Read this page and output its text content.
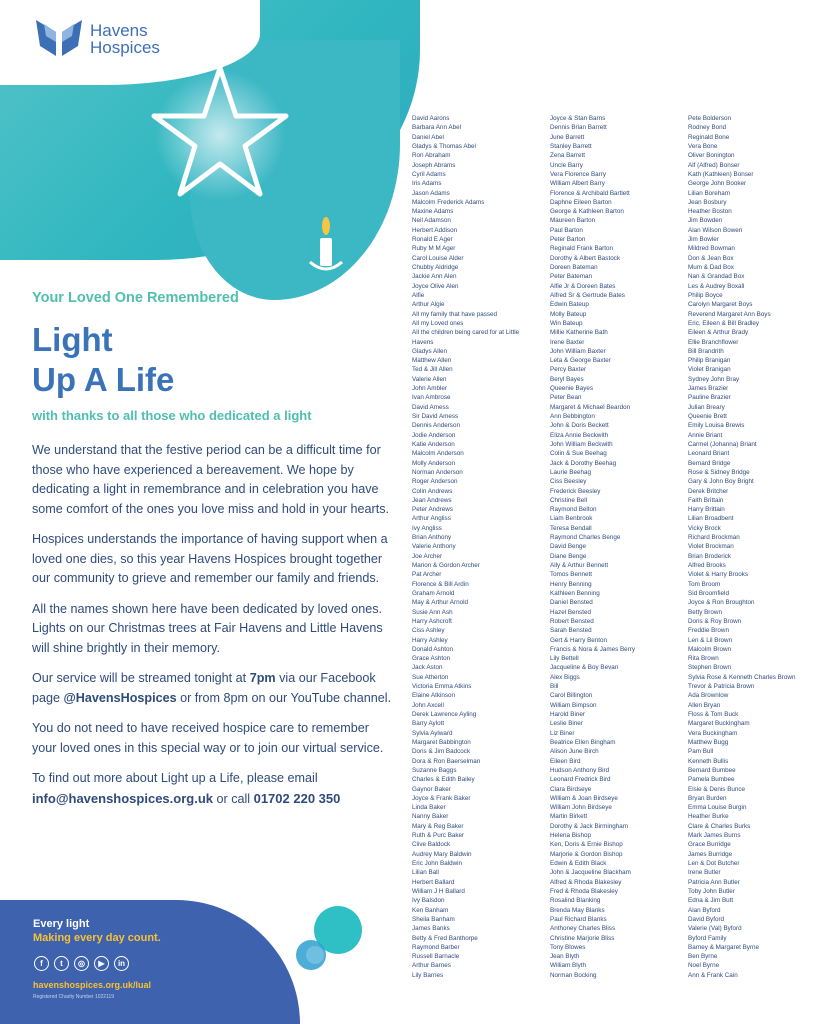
Havens
Hospices
Your Loved One Remembered
Light
Up A Life
with thanks to all those who dedicated a light

We understand that the festive period can be a difficult time for those who have experienced a bereavement. We hope by dedicating a light in remembrance and in celebration you have some comfort of the ones you love miss and hold in your hearts.

Hospices understands the importance of having support when a loved one dies, so this year Havens Hospices brought together our community to grieve and remember our family and friends.

All the names shown here have been dedicated by loved ones. Lights on our Christmas trees at Fair Havens and Little Havens will shine brightly in their memory.

Our service will be streamed tonight at 7pm via our Facebook page @HavensHospices or from 8pm on our YouTube channel.

You do not need to have received hospice care to remember your loved ones in this special way or to join our virtual service.

To find out more about Light up a Life, please email
info@havenshospices.org.uk or call 01702 220 350

Every light
Making every day count.
f	t	◎	▶	in
havenshospices.org.uk/lual
Registered Charity Number 1022119
David Aarons
Barbara Ann Abel
Daniel Abel
Gladys & Thomas Abel
Ron Abraham
Joseph Abrams
Cyril Adams
Iris Adams
Jason Adams
Malcolm Frederick Adams
Maxine Adams
Neil Adamson
Herbert Addison
Ronald E Ager
Ruby M M Ager
Carol Louise Alder
Chubby Aldridge
Jackie Ann Alen
Joyce Olive Alen
Alfie
Arthur Algie
All my family that have passed
All my Loved ones
All the children being cared for at Little
Havens
Gladys Allen
Matthew Allen
Ted & Jill Allen
Valerie Allen
John Ambler
Ivan Ambrose
David Amess
Sir David Amess
Dennis Anderson
Jodie Anderson
Katie Anderson
Malcolm Anderson
Molly Anderson
Norman Anderson
Roger Anderson
Colin Andrews
Jean Andrews
Peter Andrews
Arthur Angliss
Ivy Angliss
Brian Anthony
Valerie Anthony
Joe Archer
Marion & Gordon Archer
Pat Archer
Florence & Bill Ardin
Graham Arnold
May & Arthur Arnold
Susie Ann Ash
Harry Ashcroft
Ciss Ashley
Harry Ashley
Donald Ashton
Grace Ashton
Jack Aston
Sue Atherton
Victoria Emma Atkins
Elaine Atkinson
John Axcell
Derek Lawrence Ayling
Barry Aylott
Sylvia Aylward
Margaret Babbington
Doris & Jim Badcock
Dora & Ron Baerselman
Suzanne Baggs
Charles & Edith Bailey
Gaynor Baker
Joyce & Frank Baker
Linda Baker
Nanny Baker
Mary & Reg Baker
Ruth & Purc Baker
Clive Baldock
Audrey Mary Baldwin
Eric John Baldwin
Lilian Ball
Herbert Ballard
William J H Ballard
Ivy Balsdon
Ken Banham
Sheila Banham
James Banks
Betty & Fred Banthorpe
Raymond Barber
Russell Barnacle
Arthur Barnes
Lily Barnes
Joyce & Stan Barns
Dennis Brian Barrett
June Barrett
Stanley Barrett
Zena Barrett
Uncle Barry
Vera Florence Barry
William Albert Barry
Florence & Archibald Bartlett
Daphne Eileen Barton
George & Kathleen Barton
Maureen Barton
Paul Barton
Peter Barton
Reginald Frank Barton
Dorothy & Albert Bastock
Doreen Bateman
Peter Bateman
Alfie Jr & Doreen Bates
Alfred Sr & Gertrude Bates
Edwin Bateup
Molly Bateup
Win Bateup
Millie Katherine Bath
Irene Baxter
John William Baxter
Leta & George Baxter
Percy Baxter
Beryl Bayes
Queenie Bayes
Peter Bean
Margaret & Michael Beardon
Ann Bebbington
John & Doris Beckett
Eliza Annie Beckwith
John William Beckwith
Colin & Sue Beehag
Jack & Dorothy Beehag
Laurie Beehag
Ciss Beesley
Frederick Beesley
Christine Bell
Raymond Belton
Liam Benbrook
Teresa Bendall
Raymond Charles Benge
David Benge
Diane Benge
Ally & Arthur Bennett
Tomos Bennett
Henry Benning
Kathleen Benning
Daniel Bensted
Hazel Bensted
Robert Bensted
Sarah Bensted
Gert & Harry Benton
Francis & Nora & James Berry
Lily Bettell
Jacqueline & Boy Bevan
Alex Biggs
Bill
Carol Billington
William Bimpson
Harold Biner
Leslie Biner
Liz Biner
Beatrice Ellen Bingham
Alison June Birch
Eileen Bird
Hudson Anthony Bird
Leonard Fredrick Bird
Clara Birdseye
William & Joan Birdseye
William John Birdseye
Martin Birkett
Dorothy & Jack Birmingham
Helena Bishop
Ken, Doris & Ernie Bishop
Marjorie & Gordon Bishop
Edwin & Edith Black
John & Jacqueline Blackham
Alfred & Rhoda Blakesley
Fred & Rhoda Blakesley
Rosalind Blanking
Brenda May Blanks
Paul Richard Blanks
Anthoney Charles Bliss
Christine Marjorie Bliss
Tony Blowes
Jean Blyth
William Blyth
Norman Bocking
Pete Bolderson
Rodney Bond
Reginald Bone
Vera Bone
Oliver Bonington
Alf (Alfred) Bonser
Kath (Kathleen) Bonser
George John Booker
Lilian Boreham
Jean Bosbury
Heather Boston
Jim Bowden
Alan Wilson Bowen
Jim Bowler
Mildred Bowman
Don & Jean Box
Mum & Dad Box
Nan & Grandad Box
Les & Audrey Boxall
Philip Boyce
Carolyn Margaret Boys
Reverend Margaret Ann Boys
Eric, Eileen & Bill Bradley
Eileen & Arthur Brady
Ellie Branchflower
Bill Brandrith
Philip Branigan
Violet Branigan
Sydney John Bray
James Brazier
Pauline Brazier
Julian Breary
Queenie Brett
Emily Louisa Brewis
Annie Briant
Carmel (Johanna) Briant
Leonard Briant
Bernard Bridge
Rose & Sidney Bridge
Gary & John Boy Bright
Derek Britcher
Faith Brittain
Harry Brittain
Lilian Broadbent
Vicky Brock
Richard Brockman
Violet Brockman
Brian Broderick
Alfred Brooks
Violet & Harry Brooks
Tom Broom
Sid Broomfield
Joyce & Ron Broughton
Betty Brown
Doris & Roy Brown
Freddie Brown
Len & Lil Brown
Malcolm Brown
Rita Brown
Stephen Brown
Sylvia Rose & Kenneth Charles Brown
Trevor & Patricia Brown
Ada Brownlow
Allen Bryan
Floss & Tom Buck
Margaret Buckingham
Vera Buckingham
Matthew Bugg
Pam Bull
Kenneth Bullis
Bernard Bumbee
Pamela Bumbee
Elsie & Denis Bunce
Bryan Burden
Emma Louise Burgin
Heather Burke
Clare & Charles Burks
Mark James Burns
Grace Burridge
James Burridge
Len & Dot Butcher
Irene Butler
Patricia Ann Butler
Toby John Butler
Edna & Jim Butt
Alan Byford
David Byford
Valerie (Val) Byford
Byford Family
Barney & Margaret Byrne
Ben Byrne
Noel Byrne
Ann & Frank Cain
